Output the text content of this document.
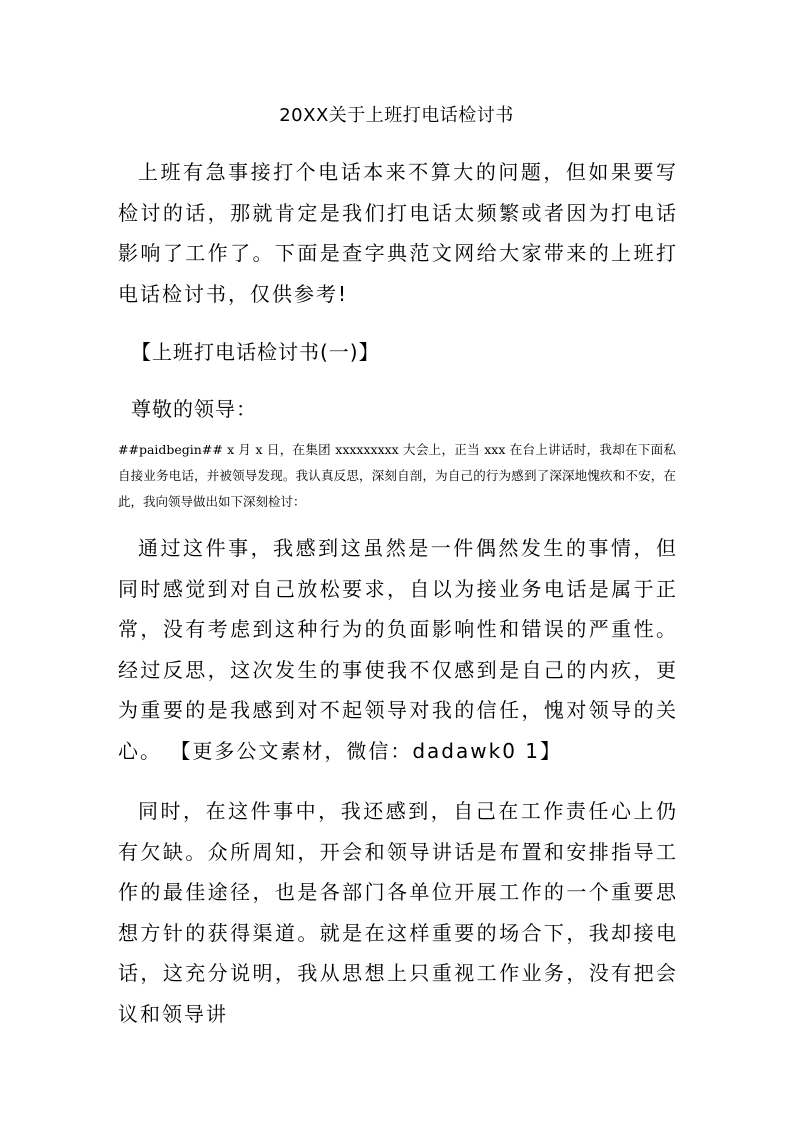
20XX关于上班打电话检讨书
上班有急事接打个电话本来不算大的问题，但如果要写检讨的话，那就肯定是我们打电话太频繁或者因为打电话影响了工作了。下面是查字典范文网给大家带来的上班打电话检讨书，仅供参考!
【上班打电话检讨书(一)】
尊敬的领导：
##paidbegin## x 月 x 日，在集团 xxxxxxxxx 大会上，正当 xxx 在台上讲话时，我却在下面私自接业务电话，并被领导发现。我认真反思，深刻自剖，为自己的行为感到了深深地愧疚和不安，在此，我向领导做出如下深刻检讨：
通过这件事，我感到这虽然是一件偶然发生的事情，但同时感觉到对自己放松要求，自以为接业务电话是属于正常，没有考虑到这种行为的负面影响性和错误的严重性。经过反思，这次发生的事使我不仅感到是自己的内疚，更为重要的是我感到对不起领导对我的信任，愧对领导的关心。 【更多公文素材，微信：dadawk0 1】
同时，在这件事中，我还感到，自己在工作责任心上仍有欠缺。众所周知，开会和领导讲话是布置和安排指导工作的最佳途径，也是各部门各单位开展工作的一个重要思想方针的获得渠道。就是在这样重要的场合下，我却接电话，这充分说明，我从思想上只重视工作业务，没有把会议和领导讲
